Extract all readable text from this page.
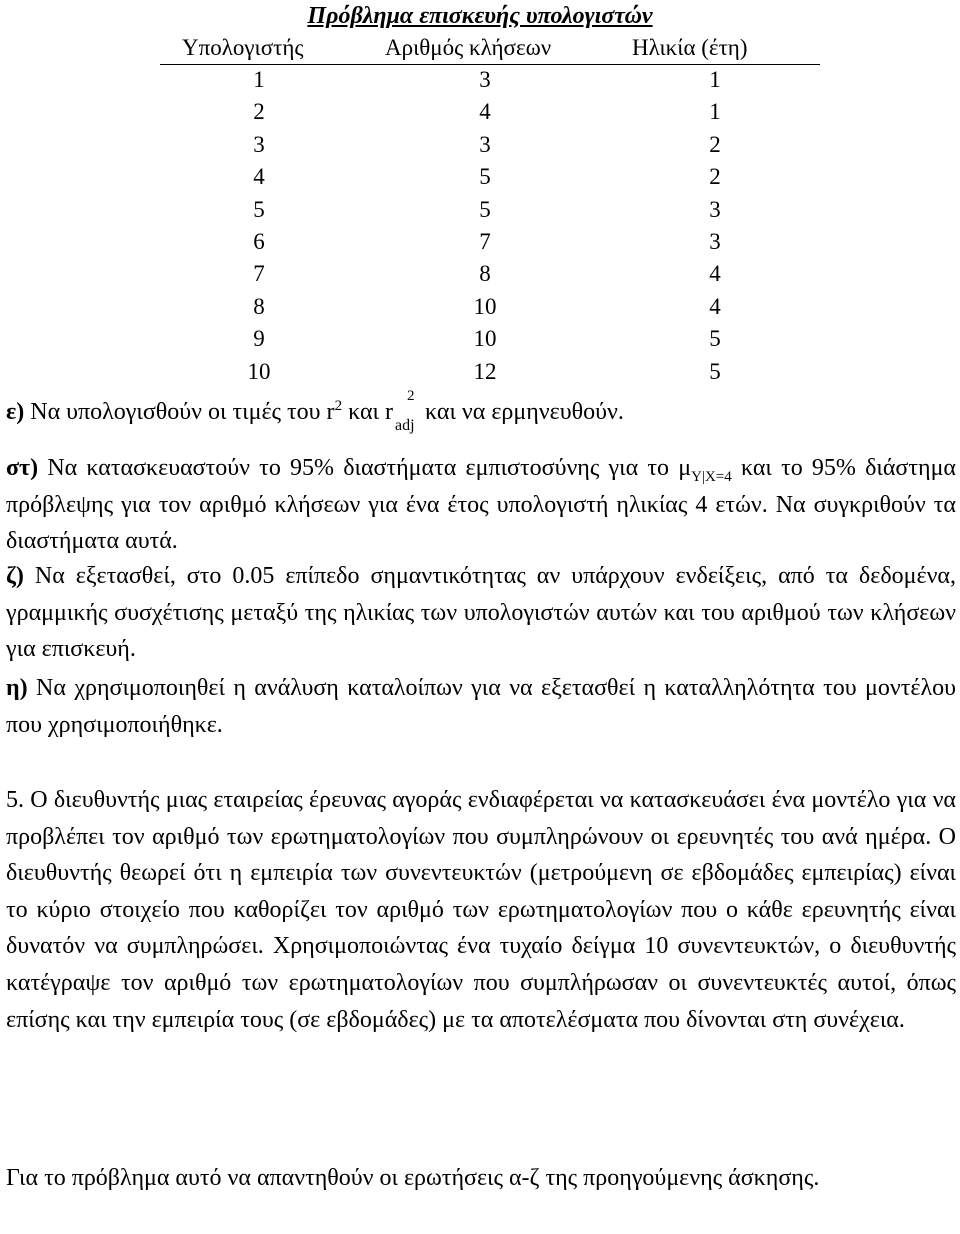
Πρόβλημα επισκευής υπολογιστών
Υπολογιστής	Αριθμός κλήσεων	Ηλικία (έτη)
1	3	1
2	4	1
3	3	2
4	5	2
5	5	3
6	7	3
7	8	4
8	10	4
9	10	5
10	12	5

ε) Να υπολογισθούν οι τιμές του $r^2$ και r
2
adj
και να ερμηνευθούν.

στ) Να κατασκευαστούν το 95% διαστήματα εμπιστοσύνης για το $\mu_{Y|X=4}$ και το 95% διάστημα πρόβλεψης για τον αριθμό κλήσεων για ένα έτος υπολογιστή ηλικίας 4 ετών. Να συγκριθούν τα διαστήματα αυτά.

ζ) Να εξετασθεί, στο 0.05 επίπεδο σημαντικότητας αν υπάρχουν ενδείξεις, από τα δεδομένα, γραμμικής συσχέτισης μεταξύ της ηλικίας των υπολογιστών αυτών και του αριθμού των κλήσεων για επισκευή.

η) Να χρησιμοποιηθεί η ανάλυση καταλοίπων για να εξετασθεί η καταλληλότητα του μοντέλου που χρησιμοποιήθηκε.

5. Ο διευθυντής μιας εταιρείας έρευνας αγοράς ενδιαφέρεται να κατασκευάσει ένα μοντέλο για να προβλέπει τον αριθμό των ερωτηματολογίων που συμπληρώνουν οι ερευνητές του ανά ημέρα. Ο διευθυντής θεωρεί ότι η εμπειρία των συνεντευκτών (μετρούμενη σε εβδομάδες εμπειρίας) είναι το κύριο στοιχείο που καθορίζει τον αριθμό των ερωτηματολογίων που ο κάθε ερευνητής είναι δυνατόν να συμπληρώσει. Χρησιμοποιώντας ένα τυχαίο δείγμα 10 συνεντευκτών, ο διευθυντής κατέγραψε τον αριθμό των ερωτηματολογίων που συμπλήρωσαν οι συνεντευκτές αυτοί, όπως επίσης και την εμπειρία τους (σε εβδομάδες) με τα αποτελέσματα που δίνονται στη συνέχεια.

Για το πρόβλημα αυτό να απαντηθούν οι ερωτήσεις α-ζ της προηγούμενης άσκησης.
